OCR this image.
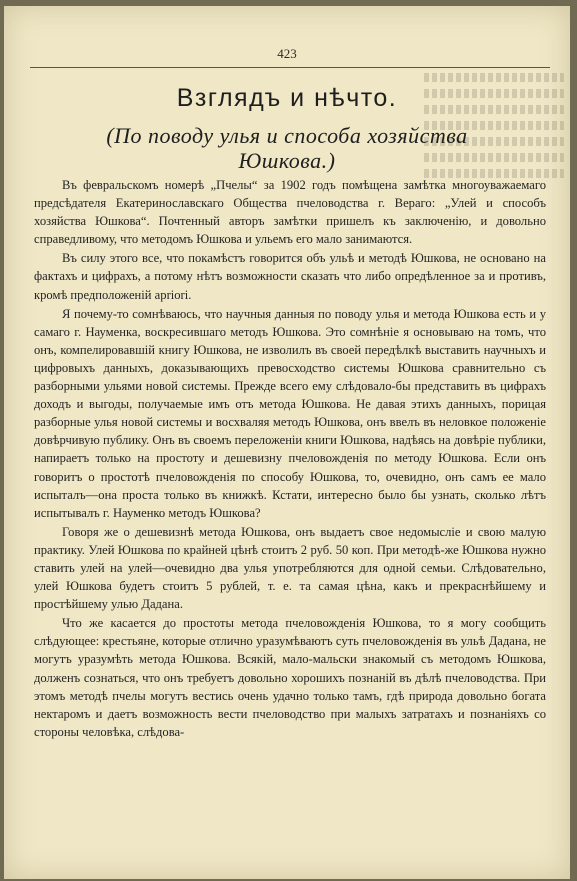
423
Взглядъ и нѣчто.
(По поводу улья и способа хозяйства
Юшкова.)

Въ февральскомъ номерѣ „Пчелы“ за 1902 годъ помѣщена замѣтка многоуважаемаго предсѣдателя Екатеринославскаго Общества пчеловодства г. Вераго: „Улей и способъ хозяйства Юшкова“. Почтенный авторъ замѣтки пришелъ къ заключенію, и довольно справедливому, что методомъ Юшкова и ульемъ его мало занимаются.

Въ силу этого все, что покамѣстъ говорится объ ульѣ и методѣ Юшкова, не основано на фактахъ и цифрахъ, а потому нѣтъ возможности сказать что либо опредѣленное за и противъ, кромѣ предположеній apriori.

Я почему-то сомнѣваюсь, что научныя данныя по поводу улья и метода Юшкова есть и у самаго г. Науменка, воскресившаго методъ Юшкова. Это сомнѣніе я основываю на томъ, что онъ, компелировавшій книгу Юшкова, не изволилъ въ своей передѣлкѣ выставить научныхъ и цифровыхъ данныхъ, доказывающихъ превосходство системы Юшкова сравнительно съ разборными ульями новой системы. Прежде всего ему слѣдовало-бы представить въ цифрахъ доходъ и выгоды, получаемые имъ отъ метода Юшкова. Не давая этихъ данныхъ, порицая разборные улья новой системы и восхваляя методъ Юшкова, онъ ввелъ въ неловкое положеніе довѣрчивую публику. Онъ въ своемъ переложеніи книги Юшкова, надѣясь на довѣріе публики, напираетъ только на простоту и дешевизну пчеловожденія по методу Юшкова. Если онъ говоритъ о простотѣ пчеловожденія по способу Юшкова, то, очевидно, онъ самъ ее мало испыталъ—она проста только въ книжкѣ. Кстати, интересно было бы узнать, сколько лѣтъ испытывалъ г. Науменко методъ Юшкова?

Говоря же о дешевизнѣ метода Юшкова, онъ выдаетъ свое недомысліе и свою малую практику. Улей Юшкова по крайней цѣнѣ стоитъ 2 руб. 50 коп. При методѣ-же Юшкова нужно ставить улей на улей—очевидно два улья употребляются для одной семьи. Слѣдовательно, улей Юшкова будетъ стоитъ 5 рублей, т. е. та самая цѣна, какъ и прекраснѣйшему и простѣйшему улью Дадана.

Что же касается до простоты метода пчеловожденія Юшкова, то я могу сообщить слѣдующее: крестьяне, которые отлично уразумѣваютъ суть пчеловожденія въ ульѣ Дадана, не могутъ уразумѣть метода Юшкова. Всякій, мало-мальски знакомый съ методомъ Юшкова, долженъ сознаться, что онъ требуетъ довольно хорошихъ познаній въ дѣлѣ пчеловодства. При этомъ методѣ пчелы могутъ вестись очень удачно только тамъ, гдѣ природа довольно богата нектаромъ и даетъ возможность вести пчеловодство при малыхъ затратахъ и познаніяхъ со стороны человѣка, слѣдова-
